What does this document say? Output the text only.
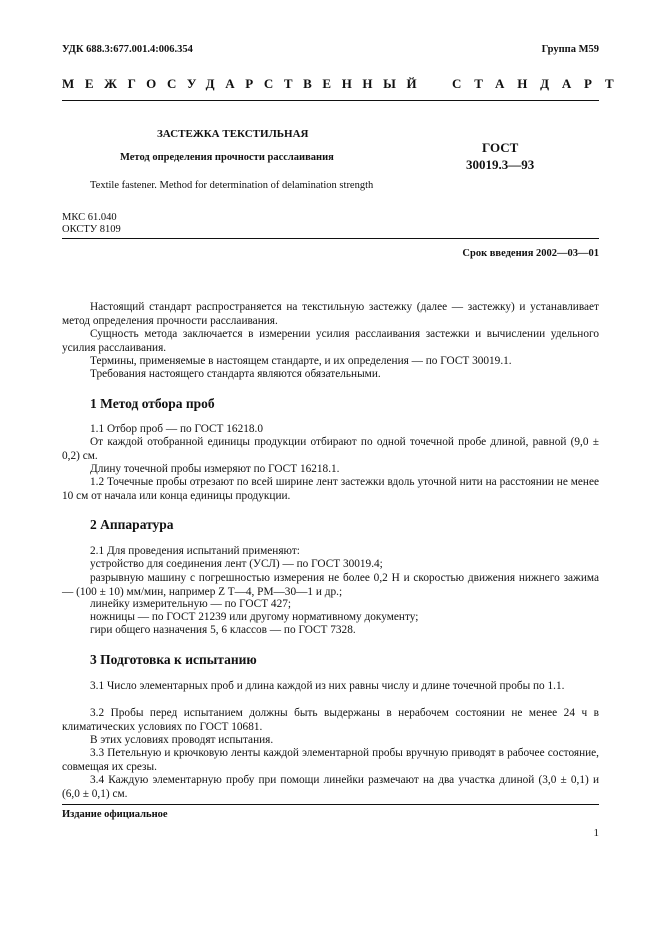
УДК 688.3:677.001.4:006.354	Группа М59
МЕЖГОСУДАРСТВЕННЫЙ СТАНДАРТ
ЗАСТЕЖКА ТЕКСТИЛЬНАЯ
Метод определения прочности расслаивания
Textile fastener. Method for determination of delamination strength
ГОСТ
30019.3—93
МКС 61.040
ОКСТУ 8109
Срок введения 2002—03—01

Настоящий стандарт распространяется на текстильную застежку (далее — застежку) и устанавливает метод определения прочности расслаивания.

Сущность метода заключается в измерении усилия расслаивания застежки и вычислении удельного усилия расслаивания.

Термины, применяемые в настоящем стандарте, и их определения — по ГОСТ 30019.1.

Требования настоящего стандарта являются обязательными.

1 Метод отбора проб

1.1 Отбор проб — по ГОСТ 16218.0

От каждой отобранной единицы продукции отбирают по одной точечной пробе длиной, равной (9,0 ± 0,2) см.

Длину точечной пробы измеряют по ГОСТ 16218.1.

1.2 Точечные пробы отрезают по всей ширине лент застежки вдоль уточной нити на расстоянии не менее 10 см от начала или конца единицы продукции.

2 Аппаратура

2.1 Для проведения испытаний применяют:

устройство для соединения лент (УСЛ) — по ГОСТ 30019.4;

разрывную машину с погрешностью измерения не более 0,2 Н и скоростью движения нижнего зажима — (100 ± 10) мм/мин, например Z T—4, РМ—30—1 и др.;

линейку измерительную — по ГОСТ 427;

ножницы — по ГОСТ 21239 или другому нормативному документу;

гири общего назначения 5, 6 классов — по ГОСТ 7328.

3 Подготовка к испытанию

3.1 Число элементарных проб и длина каждой из них равны числу и длине точечной пробы по 1.1.

3.2 Пробы перед испытанием должны быть выдержаны в нерабочем состоянии не менее 24 ч в климатических условиях по ГОСТ 10681.

В этих условиях проводят испытания.

3.3 Петельную и крючковую ленты каждой элементарной пробы вручную приводят в рабочее состояние, совмещая их срезы.

3.4 Каждую элементарную пробу при помощи линейки размечают на два участка длиной (3,0 ± 0,1) и (6,0 ± 0,1) см.

Издание официальное
1
